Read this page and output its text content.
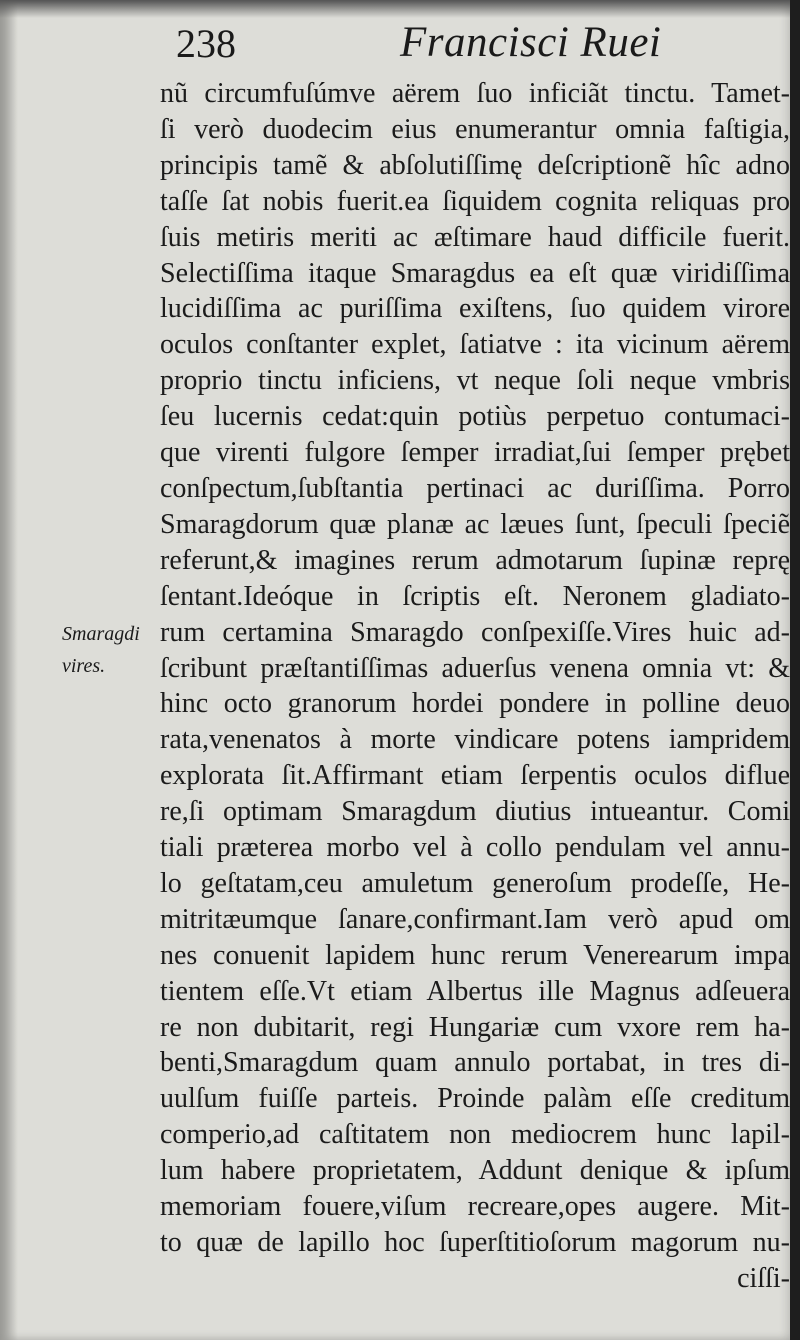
238	Francisci Ruei
Smaragdi
vires.
nũ circumfuſúmve aërem ſuo inficiãt tinctu. Tamet-
ſi verò duodecim eius enumerantur omnia faſtigia,
principis tamẽ & abſolutiſſimę deſcriptionẽ hîc adno
taſſe ſat nobis fuerit.ea ſiquidem cognita reliquas pro
ſuis metiris meriti ac æſtimare haud difficile fuerit.
Selectiſſima itaque Smaragdus ea eſt quæ viridiſſima
lucidiſſima ac puriſſima exiſtens, ſuo quidem virore
oculos conſtanter explet, ſatiatve : ita vicinum aërem
proprio tinctu inficiens, vt neque ſoli neque vmbris
ſeu lucernis cedat:quin potiùs perpetuo contumaci-
que virenti fulgore ſemper irradiat,ſui ſemper prębet
conſpectum,ſubſtantia pertinaci ac duriſſima. Porro
Smaragdorum quæ planæ ac læues ſunt, ſpeculi ſpeciẽ
referunt,& imagines rerum admotarum ſupinæ reprę
ſentant.Ideóque in ſcriptis eſt. Neronem gladiato-
rum certamina Smaragdo conſpexiſſe.Vires huic ad-
ſcribunt præſtantiſſimas aduerſus venena omnia vt: &
hinc octo granorum hordei pondere in polline deuo
rata,venenatos à morte vindicare potens iampridem
explorata ſit.Affirmant etiam ſerpentis oculos diflue
re,ſi optimam Smaragdum diutius intueantur. Comi
tiali prӕterea morbo vel à collo pendulam vel annu-
lo geſtatam,ceu amuletum generoſum prodeſſe, He-
mitritæumque ſanare,confirmant.Iam verò apud om
nes conuenit lapidem hunc rerum Venerearum impa
tientem eſſe.Vt etiam Albertus ille Magnus adſeuera
re non dubitarit, regi Hungariæ cum vxore rem ha-
benti,Smaragdum quam annulo portabat, in tres di-
uulſum fuiſſe parteis. Proinde palàm eſſe creditum
comperio,ad caſtitatem non mediocrem hunc lapil-
lum habere proprietatem, Addunt denique & ipſum
memoriam fouere,viſum recreare,opes augere. Mit-
to quæ de lapillo hoc ſuperſtitioſorum magorum nu-
ciſſi-
